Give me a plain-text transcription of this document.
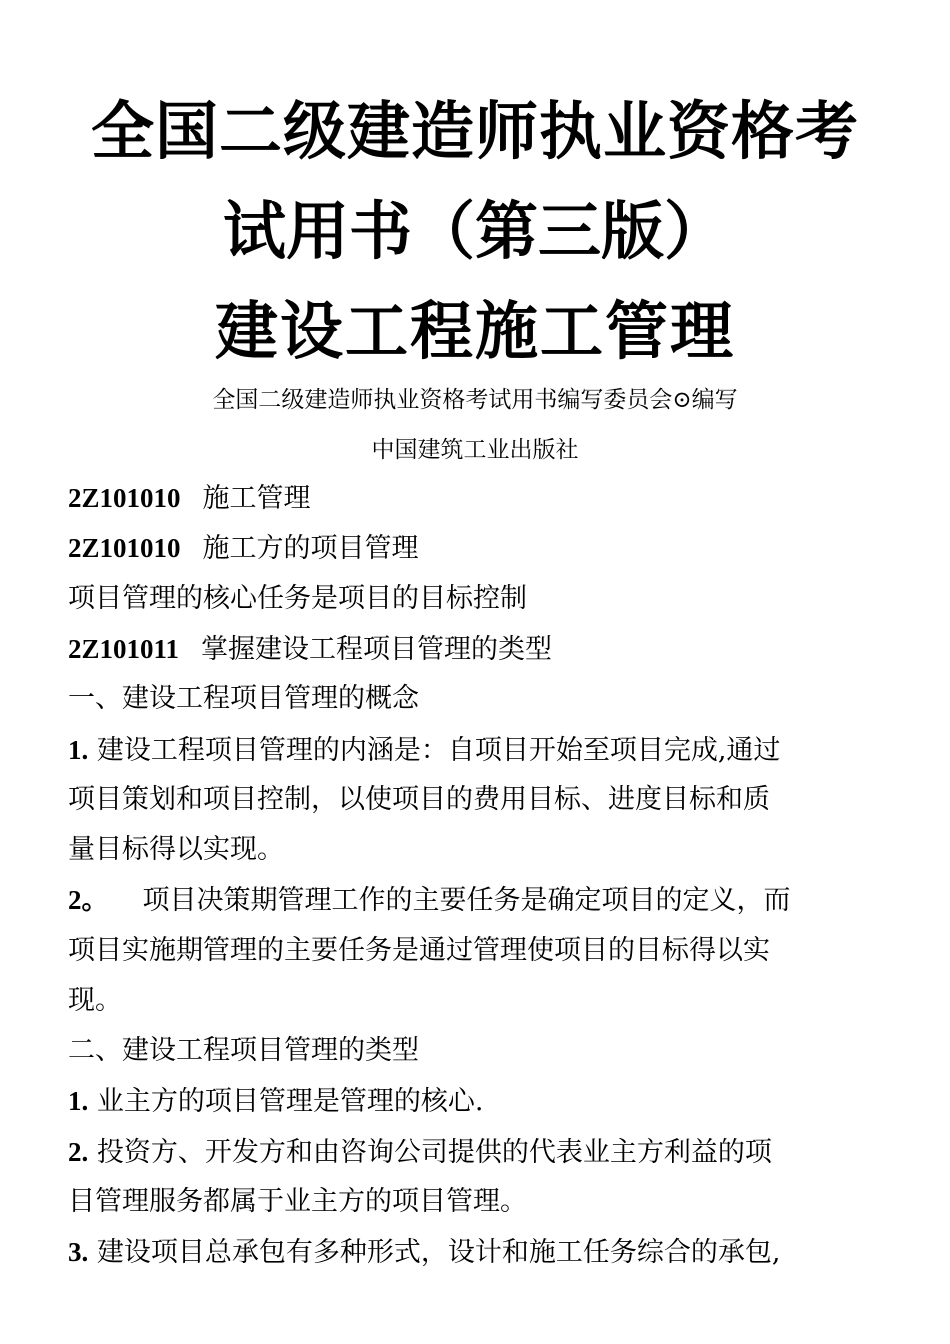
全国二级建造师执业资格考
试用书（第三版）
建设工程施工管理

全国二级建造师执业资格考试用书编写委员会⊙编写

中国建筑工业出版社

2Z101010 施工管理

2Z101010 施工方的项目管理

项目管理的核心任务是项目的目标控制

2Z101011 掌握建设工程项目管理的类型

一、建设工程项目管理的概念

1. 建设工程项目管理的内涵是：自项目开始至项目完成,通过

项目策划和项目控制，以使项目的费用目标、进度目标和质

量目标得以实现。

2。 项目决策期管理工作的主要任务是确定项目的定义，而

项目实施期管理的主要任务是通过管理使项目的目标得以实

现。

二、建设工程项目管理的类型

1. 业主方的项目管理是管理的核心.

2. 投资方、开发方和由咨询公司提供的代表业主方利益的项

目管理服务都属于业主方的项目管理。

3. 建设项目总承包有多种形式，设计和施工任务综合的承包,
